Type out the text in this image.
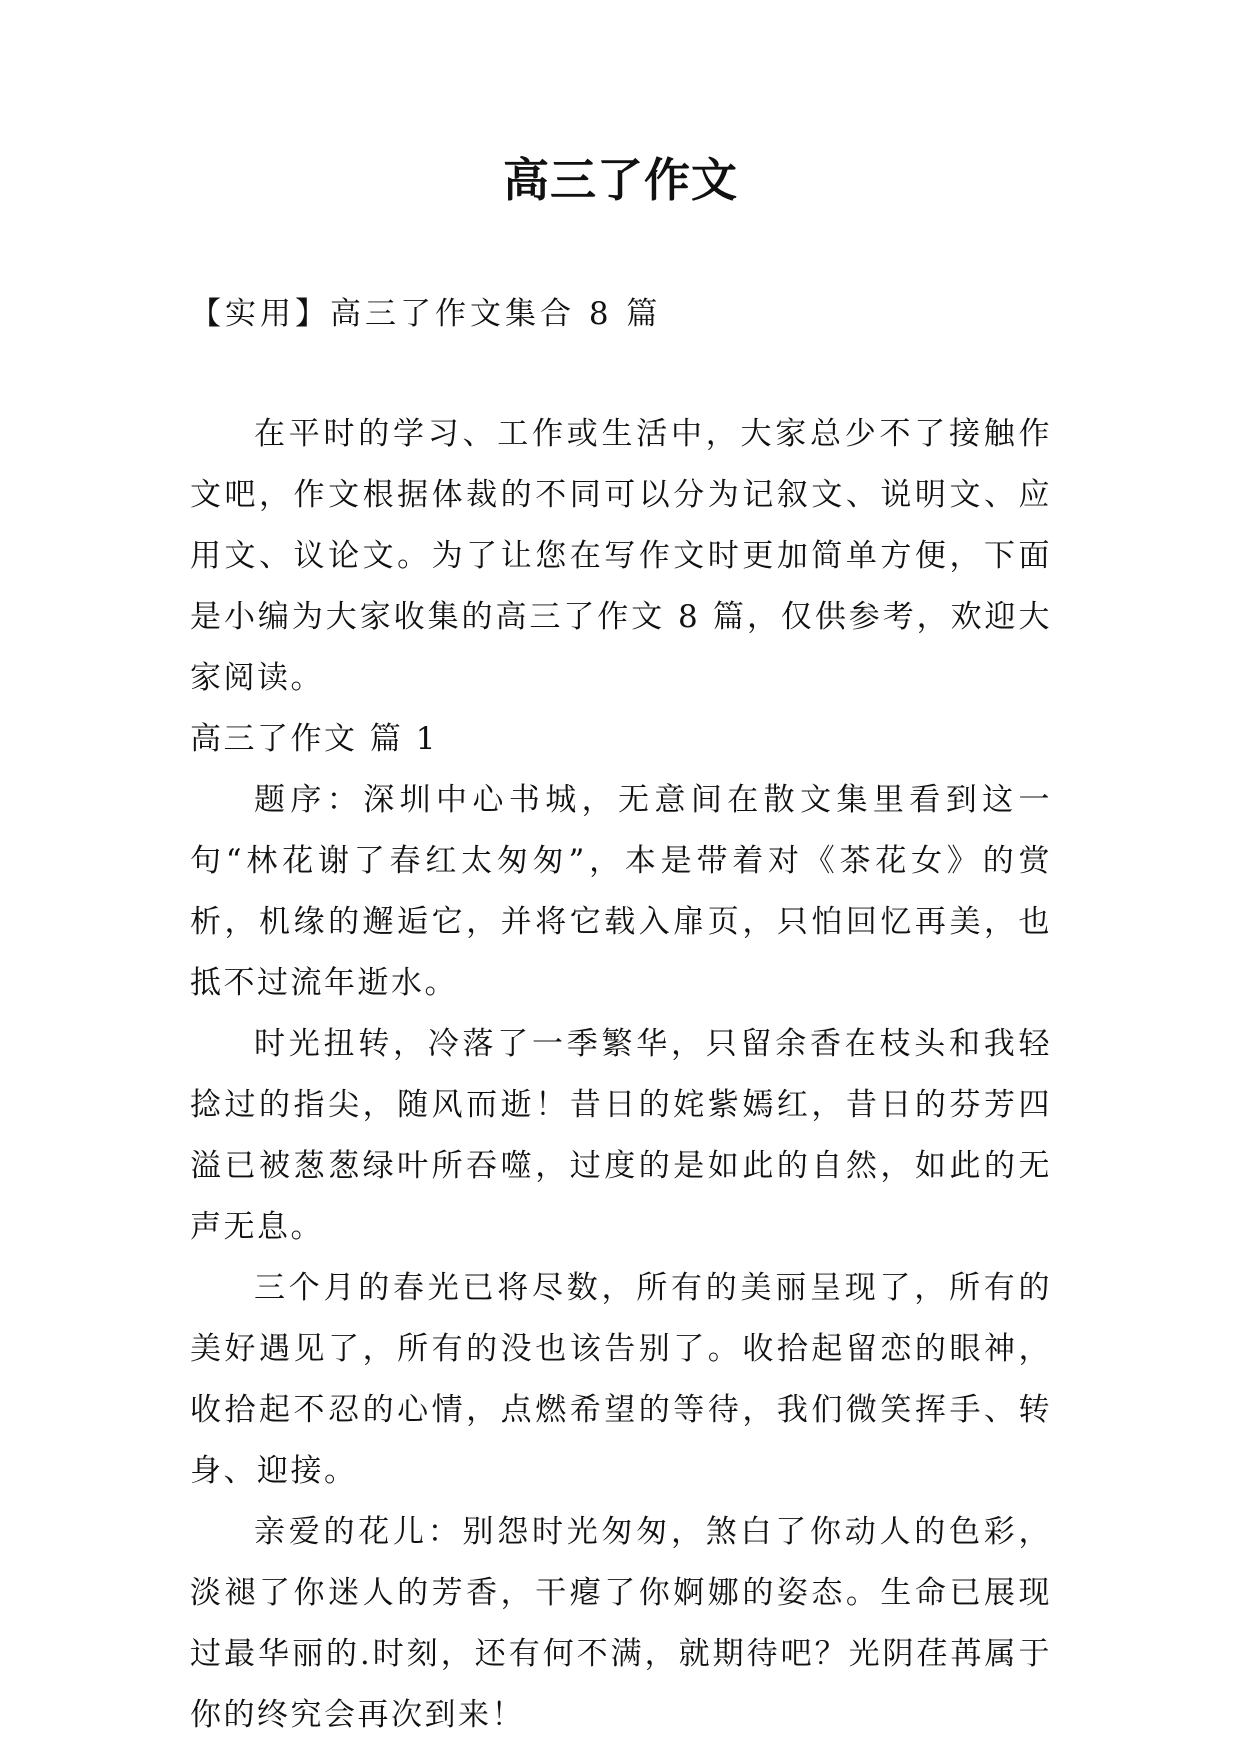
高三了作文
【实用】高三了作文集合 8 篇

在平时的学习、工作或生活中，大家总少不了接触作文吧，作文根据体裁的不同可以分为记叙文、说明文、应用文、议论文。为了让您在写作文时更加简单方便，下面是小编为大家收集的高三了作文 8 篇，仅供参考，欢迎大家阅读。

高三了作文 篇 1

题序：深圳中心书城，无意间在散文集里看到这一句“林花谢了春红太匆匆”，本是带着对《茶花女》的赏析，机缘的邂逅它，并将它载入扉页，只怕回忆再美，也抵不过流年逝水。

时光扭转，冷落了一季繁华，只留余香在枝头和我轻捻过的指尖，随风而逝！昔日的姹紫嫣红，昔日的芬芳四溢已被葱葱绿叶所吞噬，过度的是如此的自然，如此的无声无息。

三个月的春光已将尽数，所有的美丽呈现了，所有的美好遇见了，所有的没也该告别了。收拾起留恋的眼神，收拾起不忍的心情，点燃希望的等待，我们微笑挥手、转身、迎接。

亲爱的花儿：别怨时光匆匆，煞白了你动人的色彩，淡褪了你迷人的芳香，干瘪了你婀娜的姿态。生命已展现过最华丽的.时刻，还有何不满，就期待吧？光阴荏苒属于你的终究会再次到来！
